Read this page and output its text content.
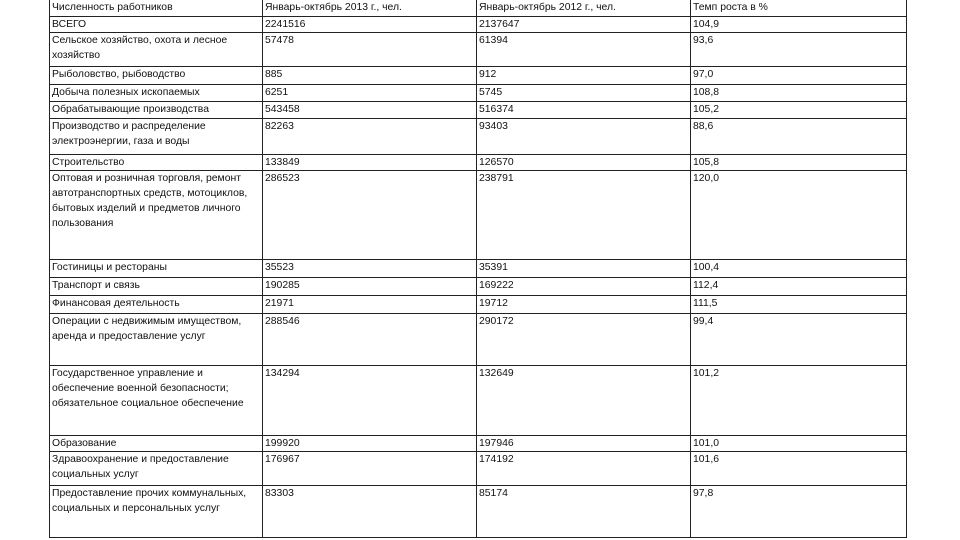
Численность работников	Январь-октябрь 2013 г., чел.	Январь-октябрь 2012 г., чел.	Темп роста в %
ВСЕГО	2241516	2137647	104,9
Сельское хозяйство, охота и лесное хозяйство	57478	61394	93,6
Рыболовство, рыбоводство	885	912	97,0
Добыча полезных ископаемых	6251	5745	108,8
Обрабатывающие производства	543458	516374	105,2
Производство и распределение электроэнергии, газа и воды	82263	93403	88,6
Строительство	133849	126570	105,8
Оптовая и розничная торговля, ремонт автотранспортных средств, мотоциклов, бытовых изделий и предметов личного пользования	286523	238791	120,0
Гостиницы и рестораны	35523	35391	100,4
Транспорт и связь	190285	169222	112,4
Финансовая деятельность	21971	19712	111,5
Операции с недвижимым имуществом, аренда и предоставление услуг	288546	290172	99,4
Государственное управление и обеспечение военной безопасности; обязательное социальное обеспечение	134294	132649	101,2
Образование	199920	197946	101,0
Здравоохранение и предоставление социальных услуг	176967	174192	101,6
Предоставление прочих коммунальных, социальных и персональных услуг	83303	85174	97,8
